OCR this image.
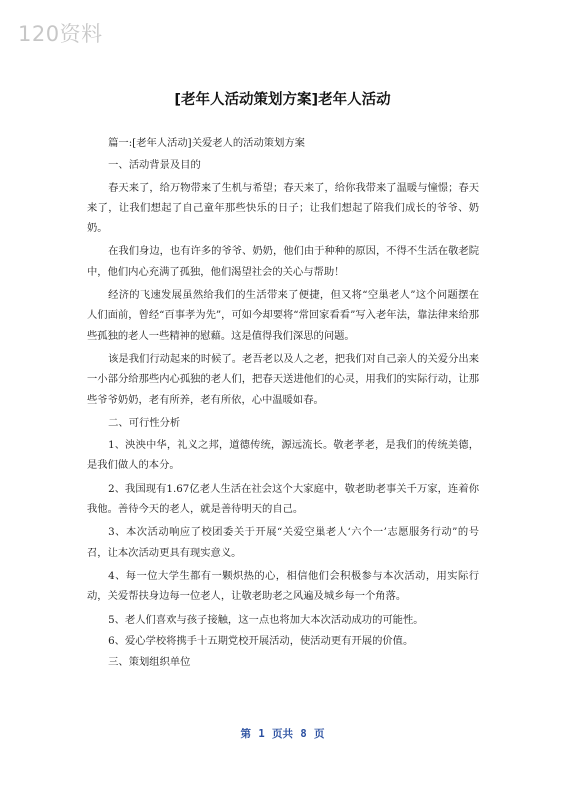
120资料
[老年人活动策划方案]老年人活动

篇一:[老年人活动]关爱老人的活动策划方案

一、活动背景及目的

春天来了，给万物带来了生机与希望；春天来了，给你我带来了温暖与憧憬；春天来了，让我们想起了自己童年那些快乐的日子；让我们想起了陪我们成长的爷爷、奶奶。

在我们身边，也有许多的爷爷、奶奶，他们由于种种的原因，不得不生活在敬老院中，他们内心充满了孤独，他们渴望社会的关心与帮助！

经济的飞速发展虽然给我们的生活带来了便捷，但又将“空巢老人”这个问题摆在人们面前，曾经“百事孝为先”，可如今却要将“常回家看看”写入老年法，靠法律来给那些孤独的老人一些精神的慰藉。这是值得我们深思的问题。

该是我们行动起来的时候了。老吾老以及人之老，把我们对自己亲人的关爱分出来一小部分给那些内心孤独的老人们，把春天送进他们的心灵，用我们的实际行动，让那些爷爷奶奶，老有所养，老有所依，心中温暖如春。

二、可行性分析

1、泱泱中华，礼义之邦，道德传统，源远流长。敬老孝老，是我们的传统美德，是我们做人的本分。

2、我国现有1.67亿老人生活在社会这个大家庭中，敬老助老事关千万家，连着你我他。善待今天的老人，就是善待明天的自己。

3、本次活动响应了校团委关于开展“关爱空巢老人‘六个一’志愿服务行动”的号召，让本次活动更具有现实意义。

4、每一位大学生都有一颗炽热的心，相信他们会积极参与本次活动，用实际行动，关爱帮扶身边每一位老人，让敬老助老之风遍及城乡每一个角落。

5、老人们喜欢与孩子接触，这一点也将加大本次活动成功的可能性。

6、爱心学校将携手十五期党校开展活动，使活动更有开展的价值。

三、策划组织单位

第 1 页共 8 页
